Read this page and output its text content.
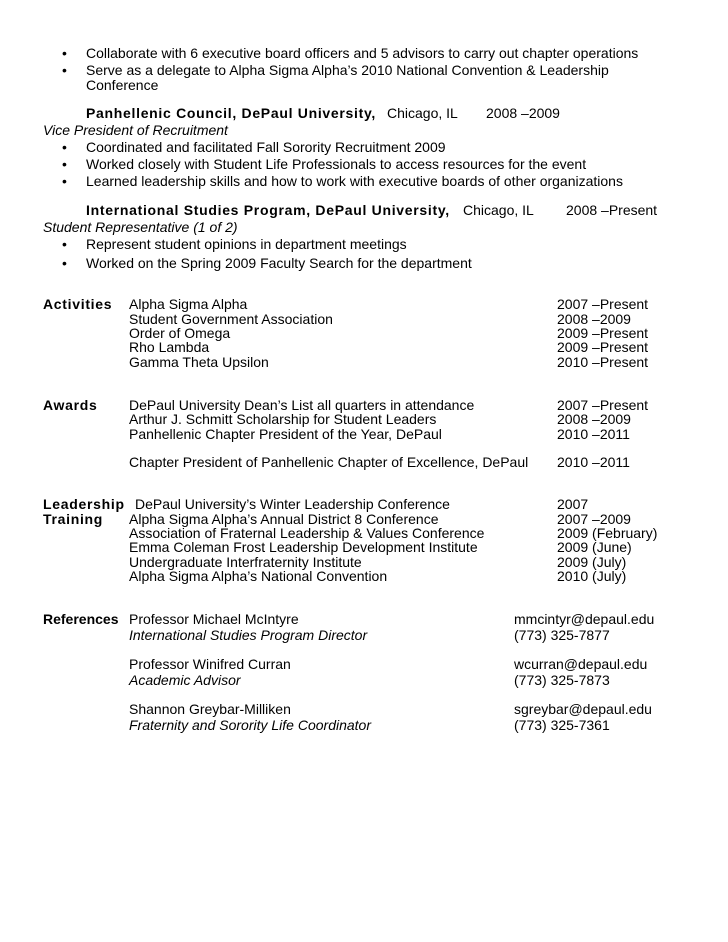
• Collaborate with 6 executive board officers and 5 advisors to carry out chapter operations
• Serve as a delegate to Alpha Sigma Alpha’s 2010 National Convention & Leadership
Conference
Panhellenic Council, DePaul University, Chicago, IL 2008 –2009
Vice President of Recruitment
• Coordinated and facilitated Fall Sorority Recruitment 2009
• Worked closely with Student Life Professionals to access resources for the event
• Learned leadership skills and how to work with executive boards of other organizations
International Studies Program, DePaul University, Chicago, IL 2008 –Present
Student Representative (1 of 2)
• Represent student opinions in department meetings
• Worked on the Spring 2009 Faculty Search for the department
Activities Alpha Sigma Alpha	2007 –Present
Student Government Association	2008 –2009
Order of Omega	2009 –Present
Rho Lambda	2009 –Present
Gamma Theta Upsilon	2010 –Present
Awards DePaul University Dean’s List all quarters in attendance	2007 –Present
Arthur J. Schmitt Scholarship for Student Leaders	2008 –2009
Panhellenic Chapter President of the Year, DePaul	2010 –2011
Chapter President of Panhellenic Chapter of Excellence, DePaul 2010 –2011
Leadership
Training
DePaul University’s Winter Leadership Conference	2007
Alpha Sigma Alpha’s Annual District 8 Conference	2007 –2009
Association of Fraternal Leadership & Values Conference	2009 (February)
Emma Coleman Frost Leadership Development Institute	2009 (June)
Undergraduate Interfraternity Institute	2009 (July)
Alpha Sigma Alpha’s National Convention	2010 (July)
References Professor Michael McIntyre	mmcintyr@depaul.edu
International Studies Program Director	(773) 325-7877
Professor Winifred Curran	wcurran@depaul.edu
Academic Advisor	(773) 325-7873
Shannon Greybar-Milliken	sgreybar@depaul.edu
Fraternity and Sorority Life Coordinator	(773) 325-7361
